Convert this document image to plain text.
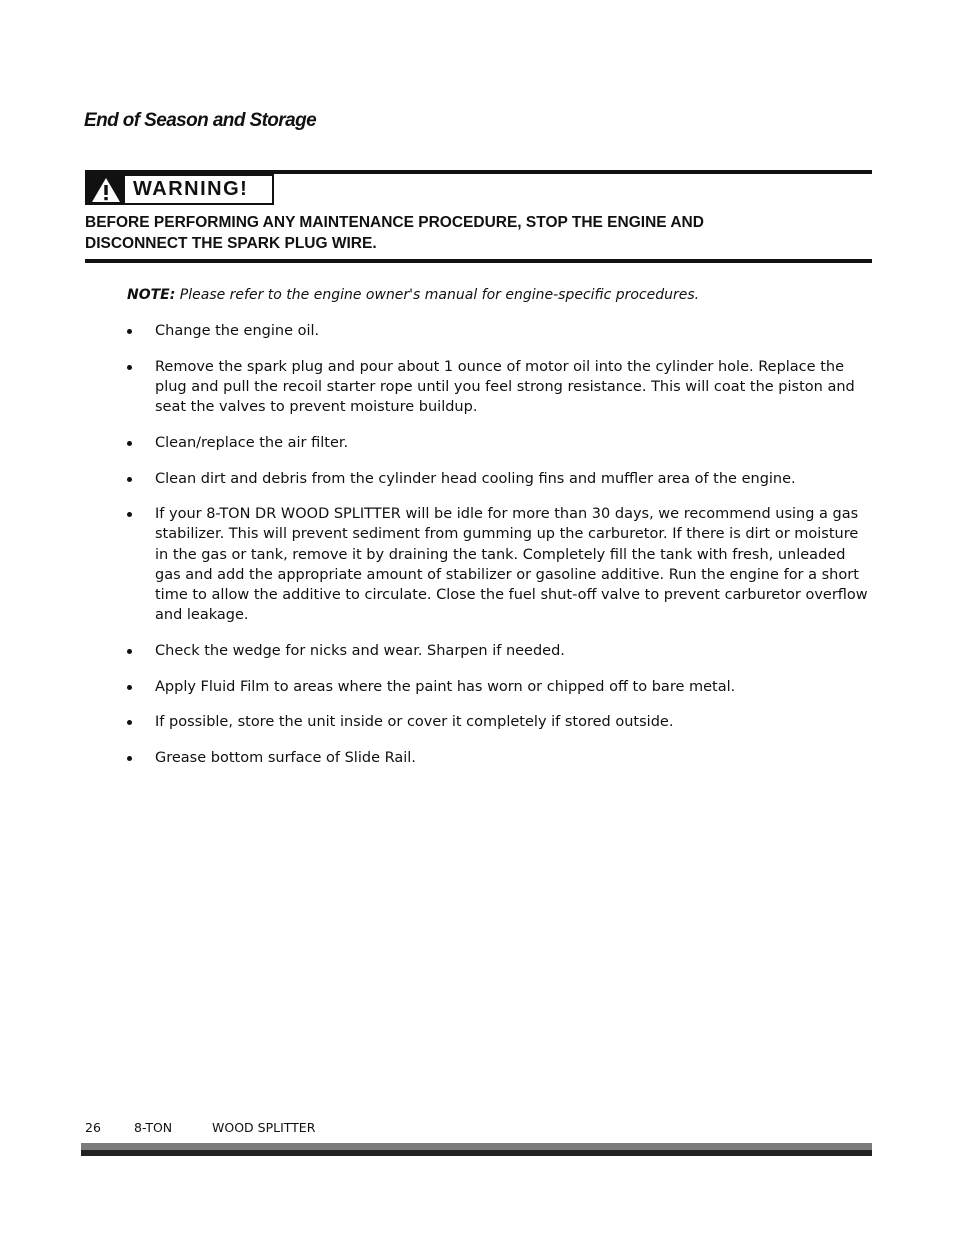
End of Season and Storage
WARNING!
BEFORE PERFORMING ANY MAINTENANCE PROCEDURE, STOP THE ENGINE AND
DISCONNECT THE SPARK PLUG WIRE.
NOTE: Please refer to the engine owner's manual for engine-specific procedures.
Change the engine oil.
Remove the spark plug and pour about 1 ounce of motor oil into the cylinder hole. Replace the plug and pull the recoil starter rope until you feel strong resistance. This will coat the piston and seat the valves to prevent moisture buildup.
Clean/replace the air filter.
Clean dirt and debris from the cylinder head cooling fins and muffler area of the engine.
If your 8-TON DR WOOD SPLITTER will be idle for more than 30 days, we recommend using a gas stabilizer. This will prevent sediment from gumming up the carburetor. If there is dirt or moisture in the gas or tank, remove it by draining the tank. Completely fill the tank with fresh, unleaded gas and add the appropriate amount of stabilizer or gasoline additive. Run the engine for a short time to allow the additive to circulate. Close the fuel shut-off valve to prevent carburetor overflow and leakage.
Check the wedge for nicks and wear. Sharpen if needed.
Apply Fluid Film to areas where the paint has worn or chipped off to bare metal.
If possible, store the unit inside or cover it completely if stored outside.
Grease bottom surface of Slide Rail.
26	8-TON	WOOD SPLITTER
